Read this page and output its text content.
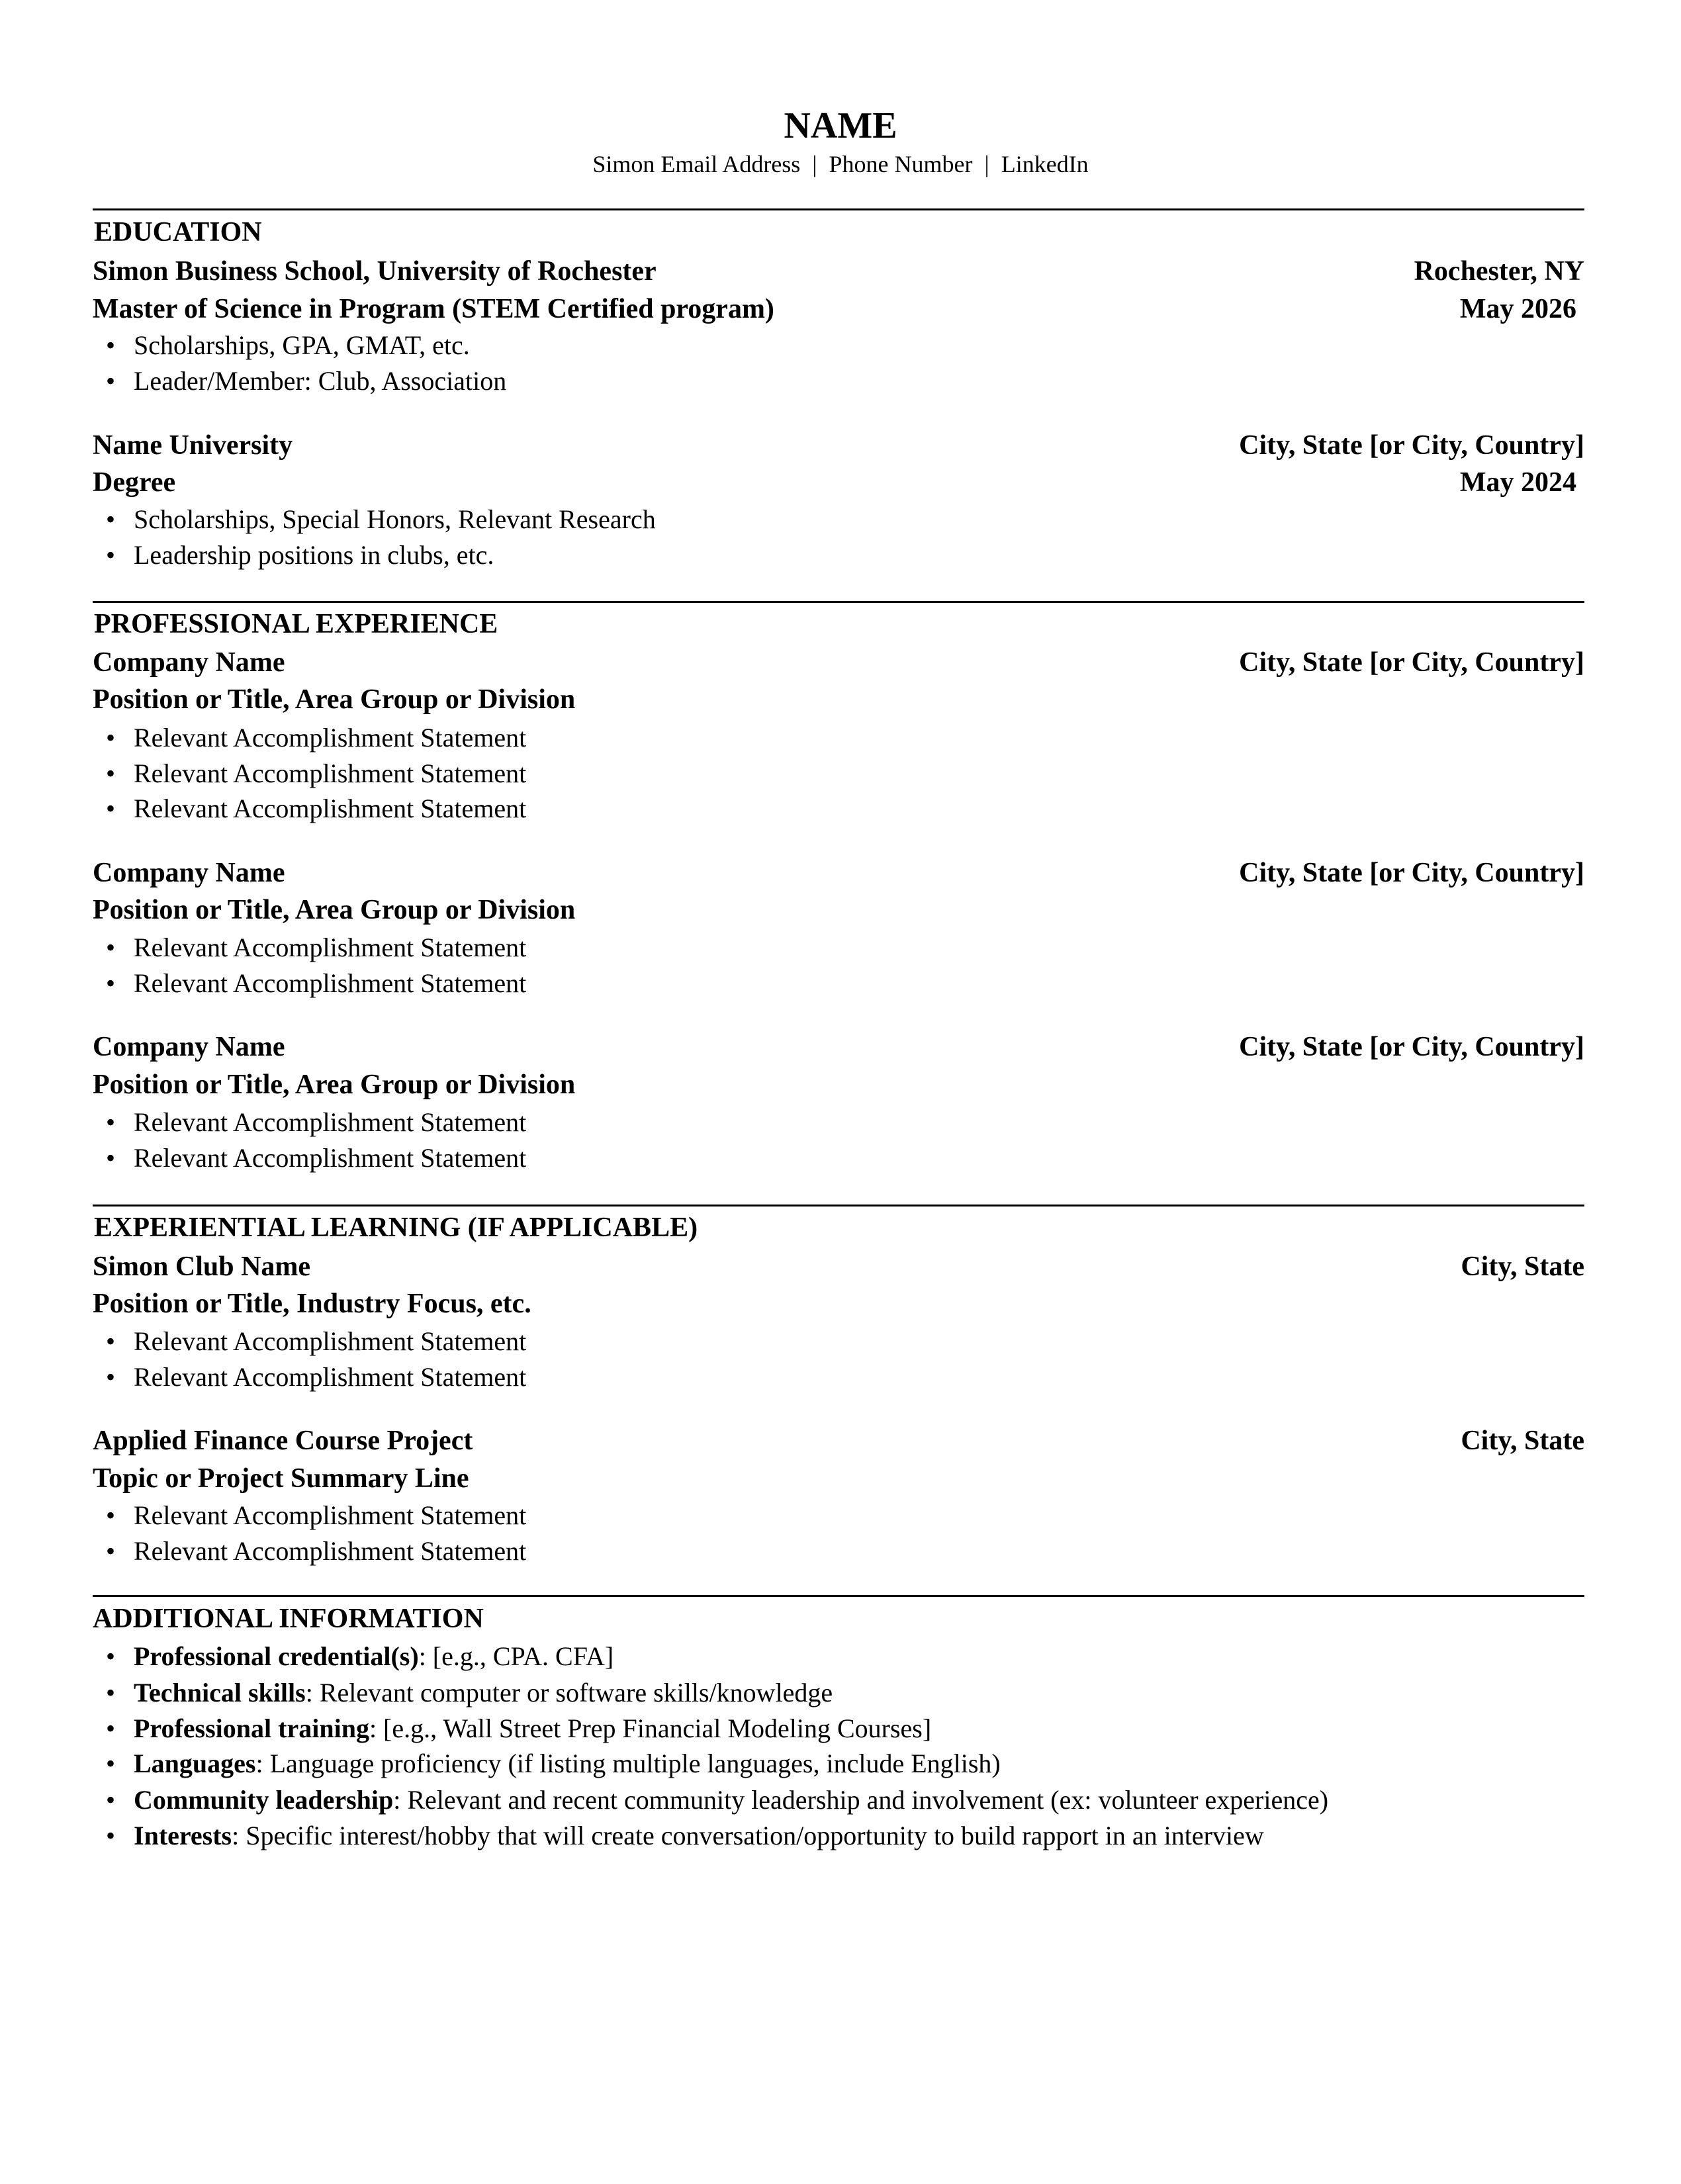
NAME
Simon Email Address | Phone Number | LinkedIn
EDUCATION
Simon Business School, University of Rochester	Rochester, NY
Master of Science in Program (STEM Certified program)	May 2026
• Scholarships, GPA, GMAT, etc.
• Leader/Member: Club, Association
Name University	City, State [or City, Country]
Degree	May 2024
• Scholarships, Special Honors, Relevant Research
• Leadership positions in clubs, etc.
PROFESSIONAL EXPERIENCE
Company Name	City, State [or City, Country]
Position or Title, Area Group or Division
• Relevant Accomplishment Statement
• Relevant Accomplishment Statement
• Relevant Accomplishment Statement
Company Name	City, State [or City, Country]
Position or Title, Area Group or Division
• Relevant Accomplishment Statement
• Relevant Accomplishment Statement
Company Name	City, State [or City, Country]
Position or Title, Area Group or Division
• Relevant Accomplishment Statement
• Relevant Accomplishment Statement
EXPERIENTIAL LEARNING (IF APPLICABLE)
Simon Club Name	City, State
Position or Title, Industry Focus, etc.
• Relevant Accomplishment Statement
• Relevant Accomplishment Statement
Applied Finance Course Project	City, State
Topic or Project Summary Line
• Relevant Accomplishment Statement
• Relevant Accomplishment Statement
ADDITIONAL INFORMATION
• Professional credential(s): [e.g., CPA. CFA]
• Technical skills: Relevant computer or software skills/knowledge
• Professional training: [e.g., Wall Street Prep Financial Modeling Courses]
• Languages: Language proficiency (if listing multiple languages, include English)
• Community leadership: Relevant and recent community leadership and involvement (ex: volunteer experience)
• Interests: Specific interest/hobby that will create conversation/opportunity to build rapport in an interview
